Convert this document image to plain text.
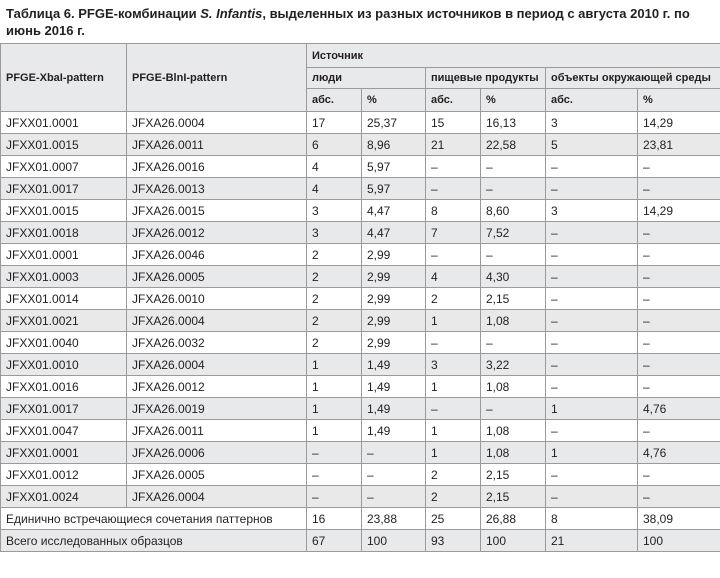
Таблица 6. PFGE-комбинации S. Infantis, выделенных из разных источников в период с августа 2010 г. по июнь 2016 г.
PFGE-XbaI-pattern	PFGE-BlnI-pattern	Источник					
		люди		пищевые продукты		объекты окружающей среды	
		абс.	%	абс.	%	абс.	%
JFXX01.0001	JFXA26.0004	17	25,37	15	16,13	3	14,29
JFXX01.0015	JFXA26.0011	6	8,96	21	22,58	5	23,81
JFXX01.0007	JFXA26.0016	4	5,97	–	–	–	–
JFXX01.0017	JFXA26.0013	4	5,97	–	–	–	–
JFXX01.0015	JFXA26.0015	3	4,47	8	8,60	3	14,29
JFXX01.0018	JFXA26.0012	3	4,47	7	7,52	–	–
JFXX01.0001	JFXA26.0046	2	2,99	–	–	–	–
JFXX01.0003	JFXA26.0005	2	2,99	4	4,30	–	–
JFXX01.0014	JFXA26.0010	2	2,99	2	2,15	–	–
JFXX01.0021	JFXA26.0004	2	2,99	1	1,08	–	–
JFXX01.0040	JFXA26.0032	2	2,99	–	–	–	–
JFXX01.0010	JFXA26.0004	1	1,49	3	3,22	–	–
JFXX01.0016	JFXA26.0012	1	1,49	1	1,08	–	–
JFXX01.0017	JFXA26.0019	1	1,49	–	–	1	4,76
JFXX01.0047	JFXA26.0011	1	1,49	1	1,08	–	–
JFXX01.0001	JFXA26.0006	–	–	1	1,08	1	4,76
JFXX01.0012	JFXA26.0005	–	–	2	2,15	–	–
JFXX01.0024	JFXA26.0004	–	–	2	2,15	–	–
Единично встречающиеся сочетания паттернов		16	23,88	25	26,88	8	38,09
Всего исследованных образцов		67	100	93	100	21	100
